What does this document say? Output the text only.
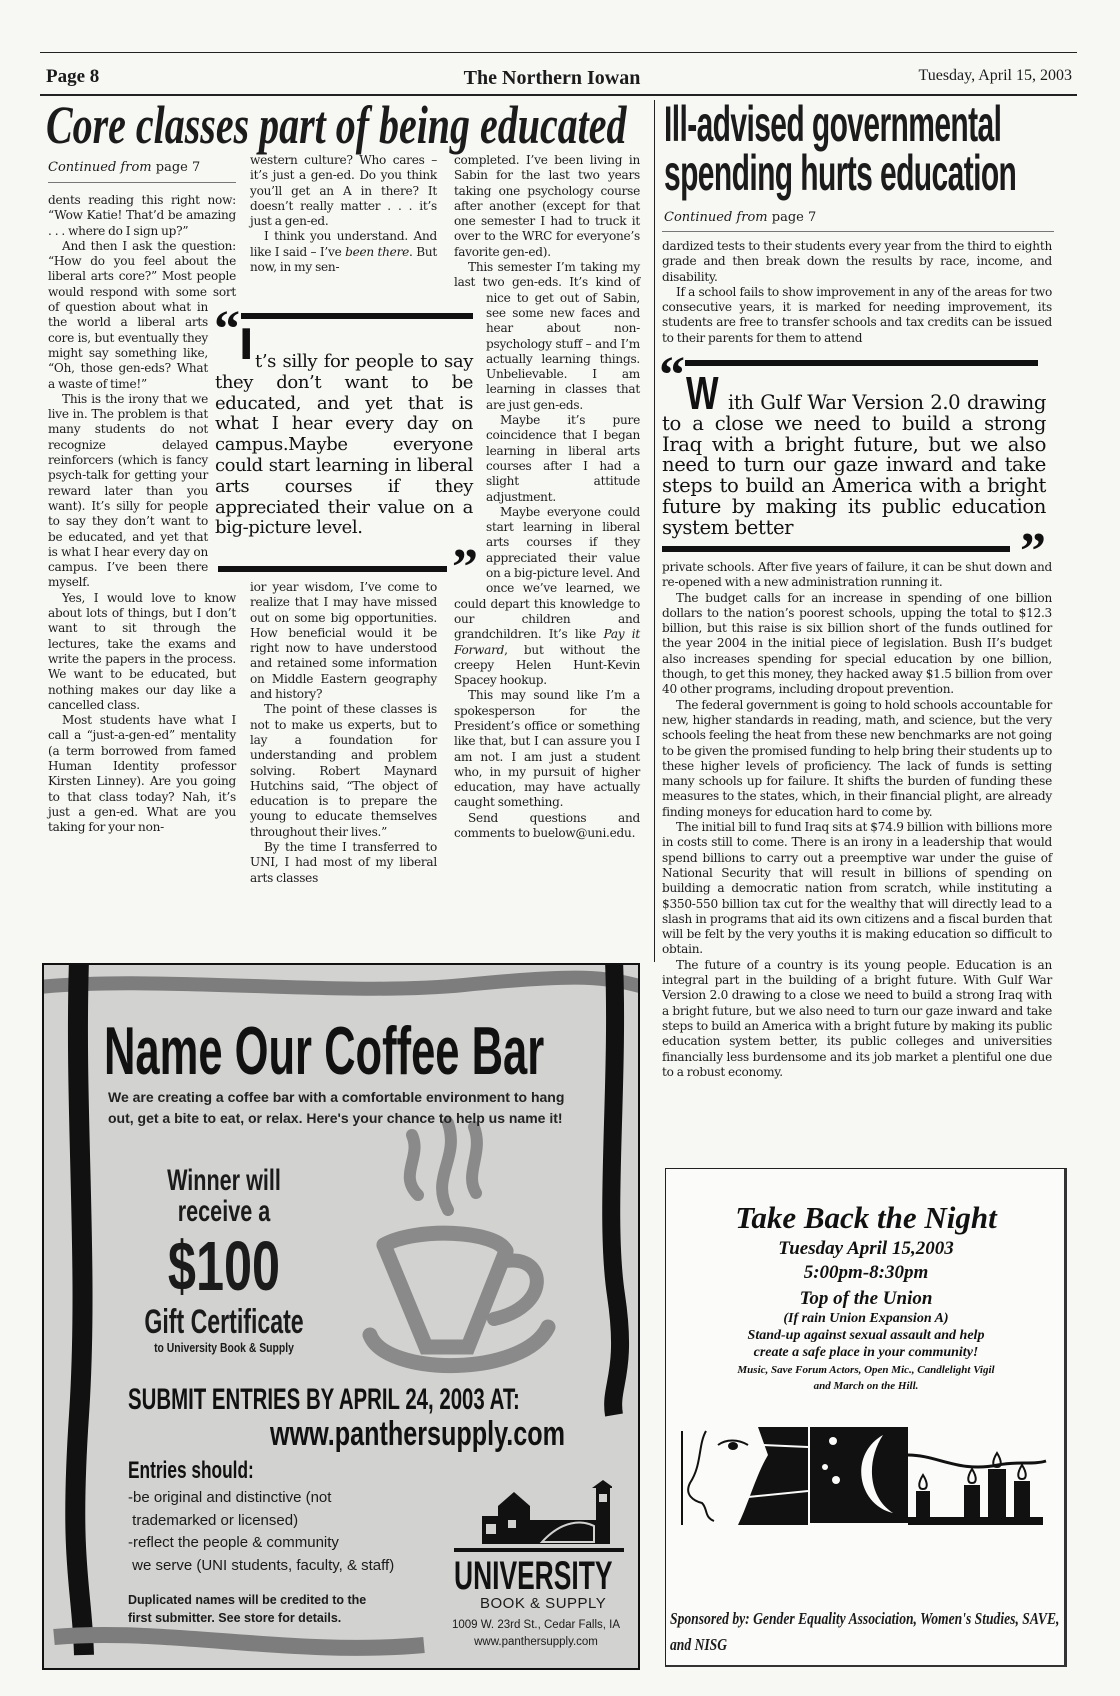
Page 8	The Northern Iowan	Tuesday, April 15, 2003
Core classes part of being educated
Continued from page 7

dents reading this right now: “Wow Katie! That’d be amazing . . . where do I sign up?”

And then I ask the question: “How do you feel about the liberal arts core?” Most people would respond with some sort of question about what in the world a liberal arts core is, but eventually they might say something like, “Oh, those gen-eds? What a waste of time!”

This is the irony that we live in. The problem is that many students do not recognize delayed reinforcers (which is fancy psych-talk for getting your reward later than you want). It’s silly for people to say they don’t want to be educated, and yet that is what I hear every day on campus. I’ve been there myself.

Yes, I would love to know about lots of things, but I don’t want to sit through the lectures, take the exams and write the papers in the process. We want to be educated, but nothing makes our day like a cancelled class.

Most students have what I call a “just-a-gen-ed” mentality (a term borrowed from famed Human Identity professor Kirsten Linney). Are you going to that class today? Nah, it’s just a gen-ed. What are you taking for your non-

western culture? Who cares – it’s just a gen-ed. Do you think you’ll get an A in there? It doesn’t really matter . . . it’s just a gen-ed.

I think you understand. And like I said – I’ve been there. But now, in my sen-

ior year wisdom, I’ve come to realize that I may have missed out on some big opportunities. How beneficial would it be right now to have understood and retained some information on Middle Eastern geography and history?

The point of these classes is not to make us experts, but to lay a foundation for understanding and problem solving. Robert Maynard Hutchins said, “The object of education is to prepare the young to educate themselves throughout their lives.”

By the time I transferred to UNI, I had most of my liberal arts classes

completed. I’ve been living in Sabin for the last two years taking one psychology course after another (except for that one semester I had to truck it over to the WRC for everyone’s favorite gen-ed).

This semester I’m taking my last two gen-eds. It’s kind of nice to get out of Sabin, see some new faces and hear about non-psychology stuff – and I’m actually learning things. Unbelievable. I am learning in classes that are just gen-eds.

Maybe it’s pure coincidence that I began learning in liberal arts courses after I had a slight attitude adjustment.

Maybe everyone could start learning in liberal arts courses if they appreciated their value on a big-picture level. And once we’ve learned, we could depart this knowledge to our children and grandchildren. It’s like Pay it Forward, but without the creepy Helen Hunt-Kevin Spacey hookup.

This may sound like I’m a spokesperson for the President’s office or something like that, but I can assure you I am not. I am just a student who, in my pursuit of higher education, may have actually caught something.

Send questions and comments to buelow@uni.edu.

“ I t’s silly for people to say they don’t want to be educated, and yet that is what I hear every day on campus.Maybe everyone could start learning in liberal arts courses if they appreciated their value on a big-picture level.
”
Ill-advised governmental
spending hurts education
Continued from page 7

dardized tests to their students every year from the third to eighth grade and then break down the results by race, income, and disability.

If a school fails to show improvement in any of the areas for two consecutive years, it is marked for needing improvement, its students are free to transfer schools and tax credits can be issued to their parents for them to attend

“ W ith Gulf War Version 2.0 drawing to a close we need to build a strong Iraq with a bright future, but we also need to turn our gaze inward and take steps to build an America with a bright future by making its public education system better	”

private schools. After five years of failure, it can be shut down and re-opened with a new administration running it.

The budget calls for an increase in spending of one billion dollars to the nation’s poorest schools, upping the total to $12.3 billion, but this raise is six billion short of the funds outlined for the year 2004 in the initial piece of legislation. Bush II’s budget also increases spending for special education by one billion, though, to get this money, they hacked away $1.5 billion from over 40 other programs, including dropout prevention.

The federal government is going to hold schools accountable for new, higher standards in reading, math, and science, but the very schools feeling the heat from these new benchmarks are not going to be given the promised funding to help bring their students up to these higher levels of proficiency. The lack of funds is setting many schools up for failure. It shifts the burden of funding these measures to the states, which, in their financial plight, are already finding moneys for education hard to come by.

The initial bill to fund Iraq sits at $74.9 billion with billions more in costs still to come. There is an irony in a leadership that would spend billions to carry out a preemptive war under the guise of National Security that will result in billions of spending on building a democratic nation from scratch, while instituting a $350-550 billion tax cut for the wealthy that will directly lead to a slash in programs that aid its own citizens and a fiscal burden that will be felt by the very youths it is making education so difficult to obtain.

The future of a country is its young people. Education is an integral part in the building of a bright future. With Gulf War Version 2.0 drawing to a close we need to build a strong Iraq with a bright future, but we also need to turn our gaze inward and take steps to build an America with a bright future by making its public education system better, its public colleges and universities financially less burdensome and its job market a plentiful one due to a robust economy.

Name Our Coffee Bar
We are creating a coffee bar with a comfortable environment to hang
out, get a bite to eat, or relax. Here's your chance to help us name it!
Winner will
receive a
$100
Gift Certificate
to University Book & Supply
SUBMIT ENTRIES BY APRIL 24, 2003 AT:
www.panthersupply.com
Entries should:
-be original and distinctive (not
trademarked or licensed)
-reflect the people & community
we serve (UNI students, faculty, & staff)
Duplicated names will be credited to the
first submitter. See store for details.
UNIVERSITY
BOOK & SUPPLY
1009 W. 23rd St., Cedar Falls, IA
www.panthersupply.com
Take Back the Night
Tuesday April 15,2003
5:00pm-8:30pm
Top of the Union
(If rain Union Expansion A)
Stand-up against sexual assault and help
create a safe place in your community!
Music, Save Forum Actors, Open Mic., Candlelight Vigil
and March on the Hill.
Sponsored by: Gender Equality Association, Women's Studies, SAVE,
and NISG
